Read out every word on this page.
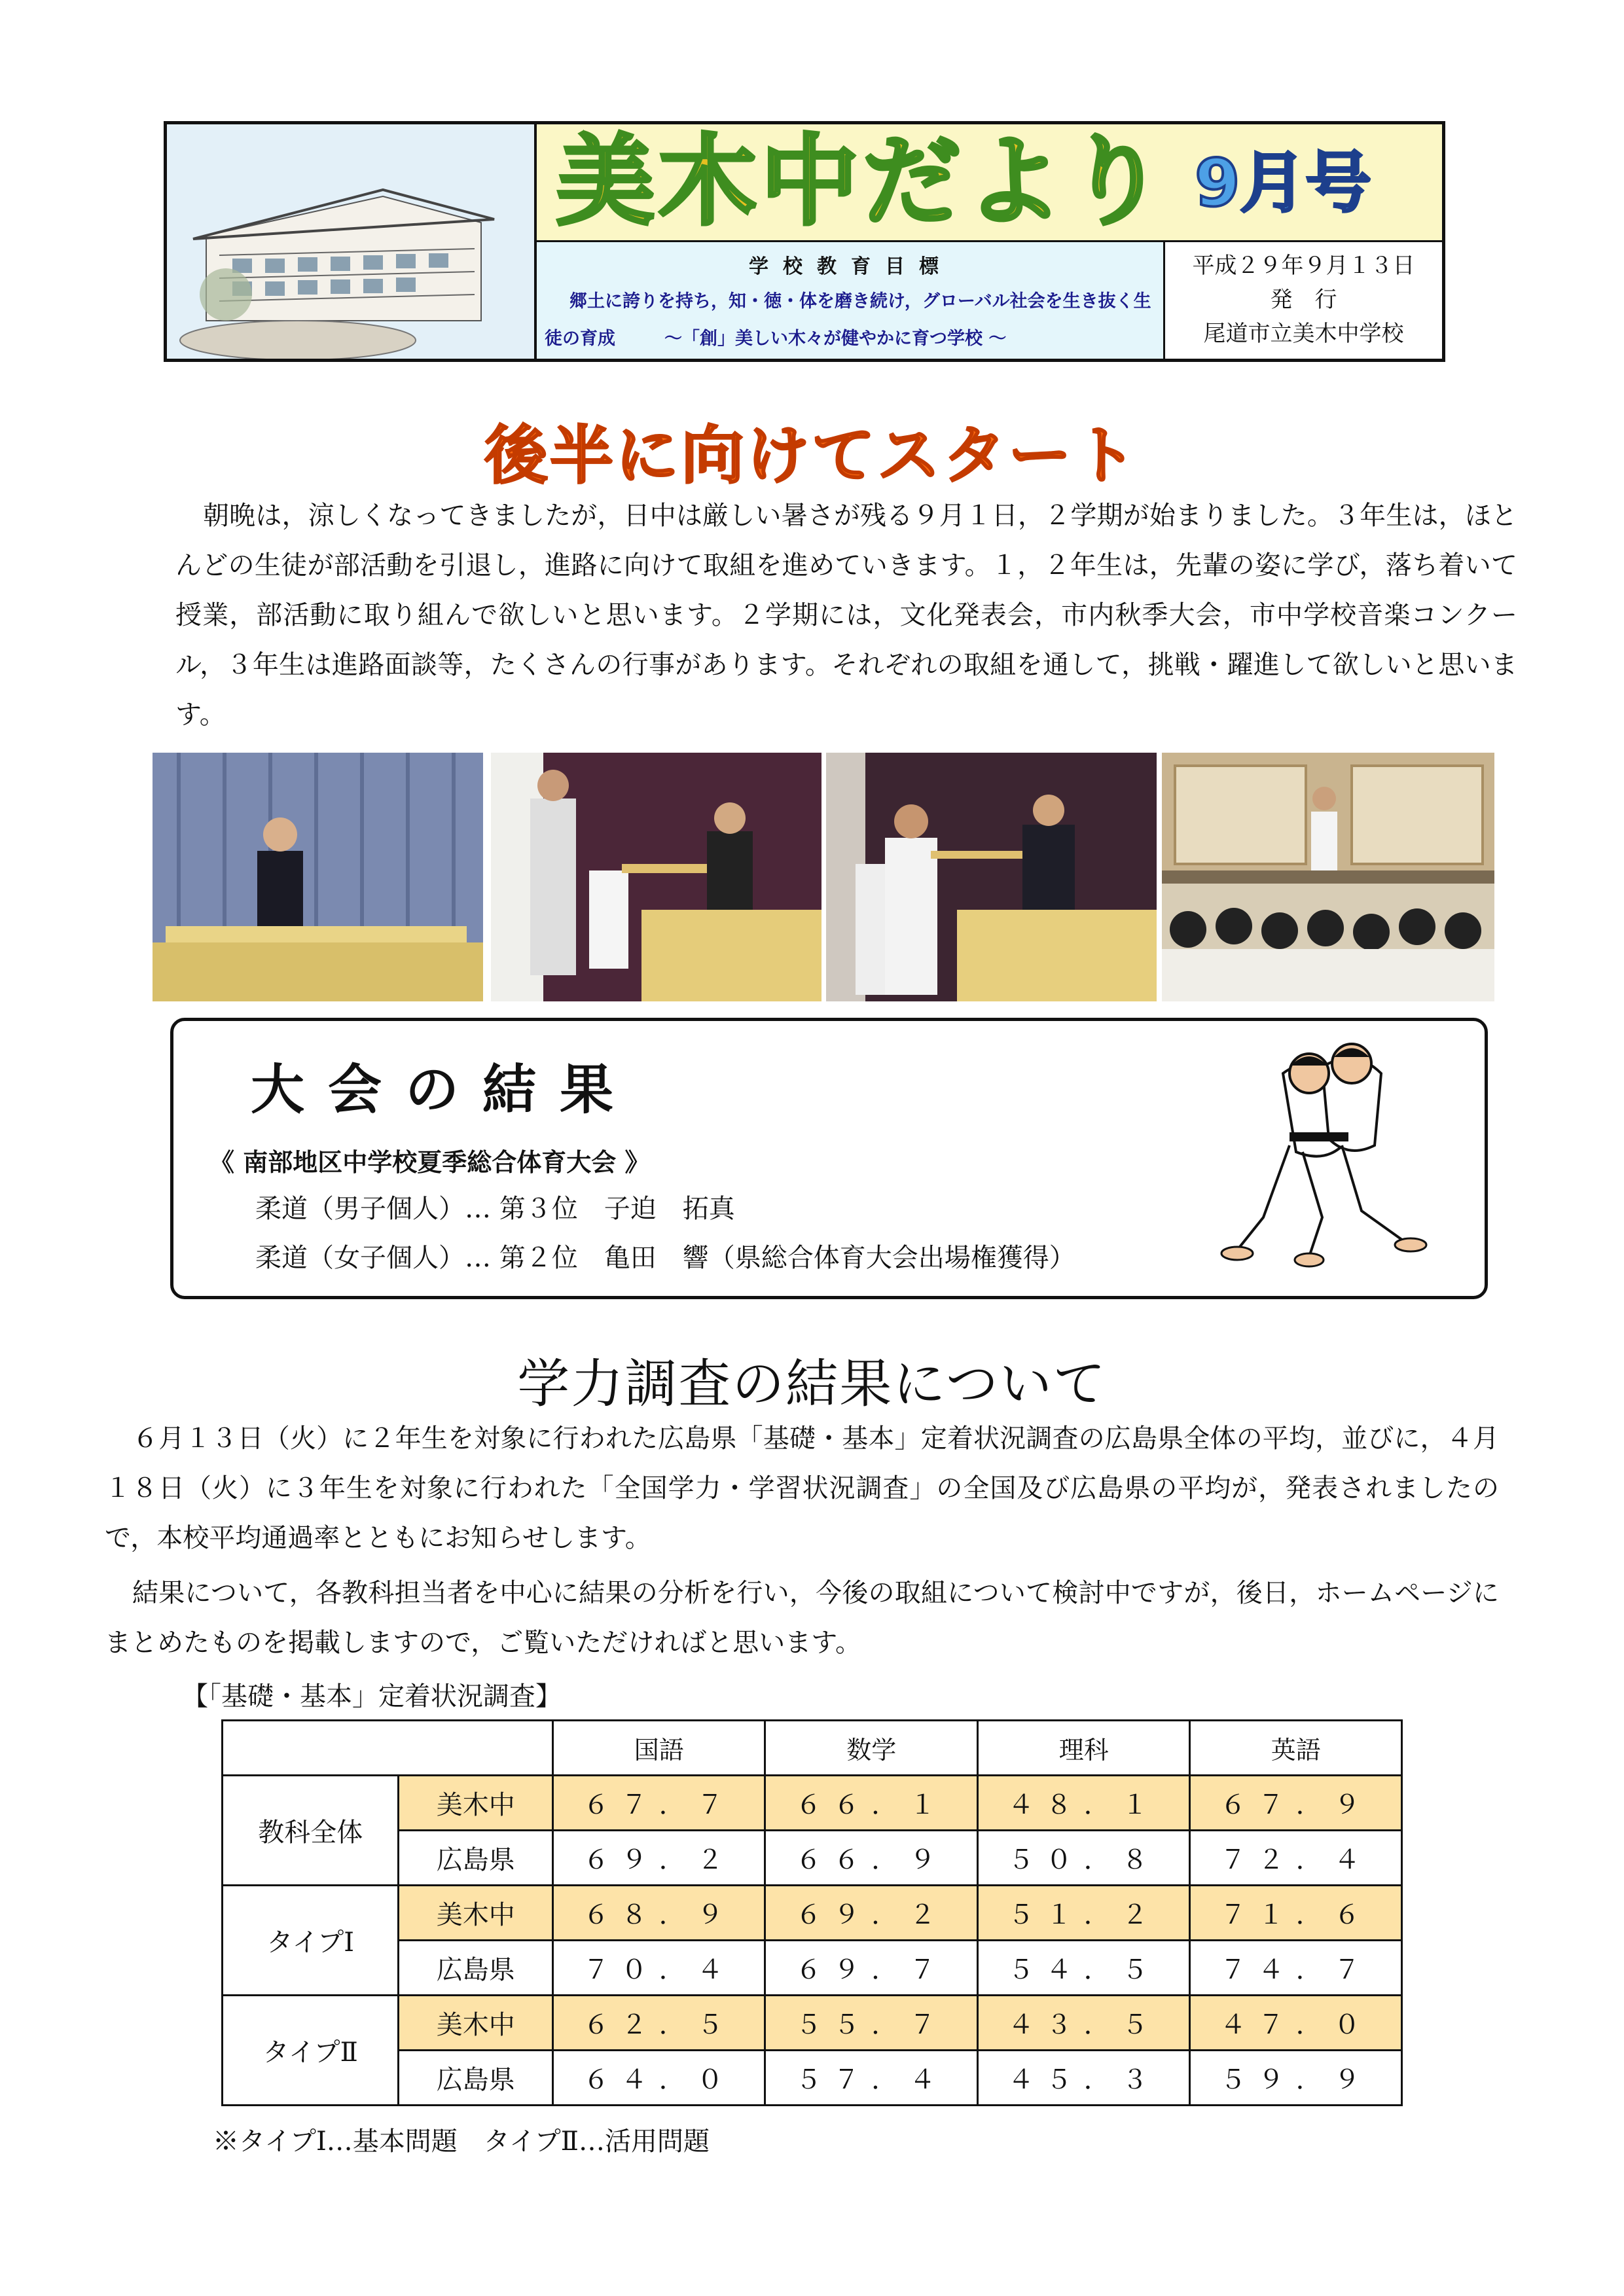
美木中だより 9月号
学校教育目標
郷土に誇りを持ち，知・徳・体を磨き続け，グローバル社会を生き抜く生
徒の育成	～「創」美しい木々が健やかに育つ学校 ～
平成２９年９月１３日
発　行
尾道市立美木中学校
後半に向けてスタート
朝晩は，涼しくなってきましたが，日中は厳しい暑さが残る９月１日，２学期が始まりました。３年生は，ほとんどの生徒が部活動を引退し，進路に向けて取組を進めていきます。１，２年生は，先輩の姿に学び，落ち着いて授業，部活動に取り組んで欲しいと思います。２学期には，文化発表会，市内秋季大会，市中学校音楽コンクール，３年生は進路面談等，たくさんの行事があります。それぞれの取組を通して，挑戦・躍進して欲しいと思います。
大会の結果
《 南部地区中学校夏季総合体育大会 》
柔道（男子個人）… 第３位　子迫　拓真
柔道（女子個人）… 第２位　亀田　響（県総合体育大会出場権獲得）
学力調査の結果について
６月１３日（火）に２年生を対象に行われた広島県「基礎・基本」定着状況調査の広島県全体の平均，並びに，４月１８日（火）に３年生を対象に行われた「全国学力・学習状況調査」の全国及び広島県の平均が，発表されましたので，本校平均通過率とともにお知らせします。
結果について，各教科担当者を中心に結果の分析を行い，今後の取組について検討中ですが，後日，ホームページにまとめたものを掲載しますので，ご覧いただければと思います。
【「基礎・基本」定着状況調査】
		国語	数学	理科	英語
教科全体	美木中	６７．７	６６．１	４８．１	６７．９
	広島県	６９．２	６６．９	５０．８	７２．４
タイプⅠ	美木中	６８．９	６９．２	５１．２	７１．６
	広島県	７０．４	６９．７	５４．５	７４．７
タイプⅡ	美木中	６２．５	５５．７	４３．５	４７．０
	広島県	６４．０	５７．４	４５．３	５９．９
※タイプⅠ…基本問題　タイプⅡ…活用問題
